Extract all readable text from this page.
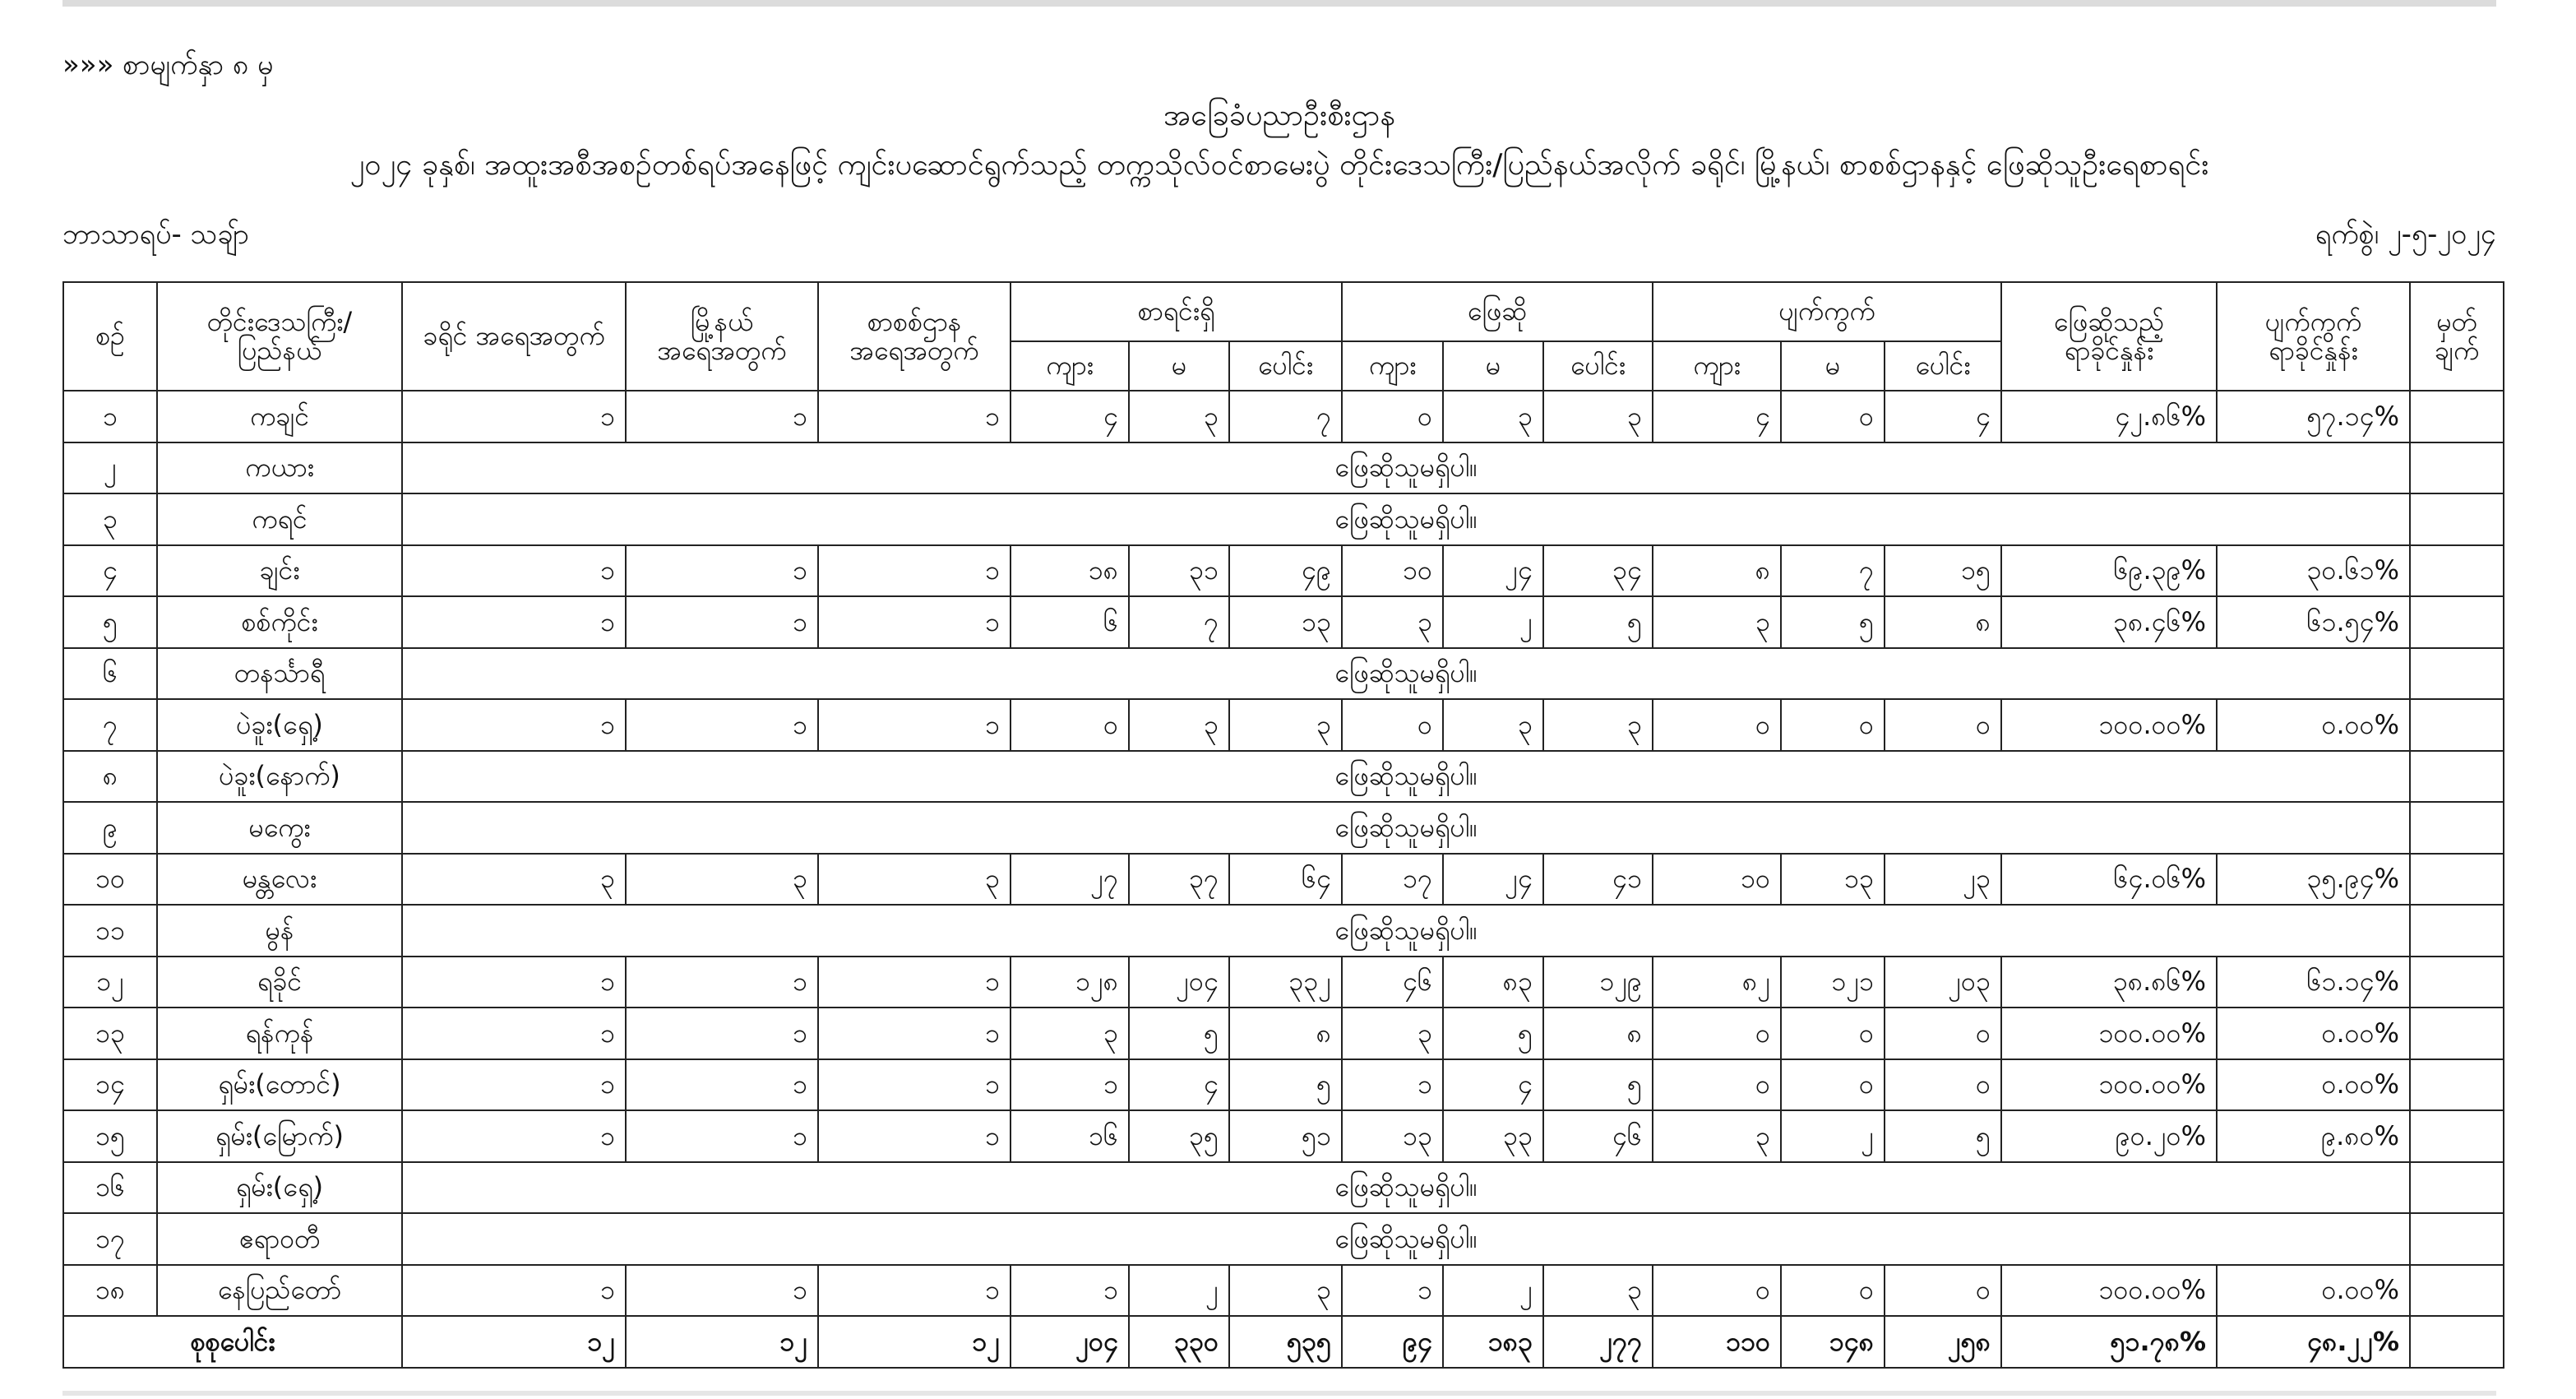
»»» စာမျက်နှာ ၈ မှ
အခြေခံပညာဦးစီးဌာန
၂၀၂၄ ခုနှစ်၊ အထူးအစီအစဉ်တစ်ရပ်အနေဖြင့် ကျင်းပဆောင်ရွက်သည့် တက္ကသိုလ်ဝင်စာမေးပွဲ တိုင်းဒေသကြီး/ပြည်နယ်အလိုက် ခရိုင်၊ မြို့နယ်၊ စာစစ်ဌာနနှင့် ဖြေဆိုသူဦးရေစာရင်း
ဘာသာရပ်- သချ်ာ	ရက်စွဲ၊ ၂-၅-၂၀၂၄
စဉ်	တိုင်းဒေသကြီး/ ပြည်နယ်	ခရိုင် အရေအတွက်	မြို့နယ် အရေအတွက်	စာစစ်ဌာန အရေအတွက်	စာရင်းရှိ			ဖြေဆို			ပျက်ကွက်			ဖြေဆိုသည့် ရာခိုင်နှုန်း	ပျက်ကွက် ရာခိုင်နှုန်း	မှတ် ချက်
					ကျား	မ	ပေါင်း	ကျား	မ	ပေါင်း	ကျား	မ	ပေါင်း			
၁	ကချင်	၁	၁	၁	၄	၃	၇	၀	၃	၃	၄	၀	၄	၄၂.၈၆%	၅၇.၁၄%	
၂	ကယား	ဖြေဆိုသူမရှိပါ။														
၃	ကရင်	ဖြေဆိုသူမရှိပါ။														
၄	ချင်း	၁	၁	၁	၁၈	၃၁	၄၉	၁၀	၂၄	၃၄	၈	၇	၁၅	၆၉.၃၉%	၃၀.၆၁%	
၅	စစ်ကိုင်း	၁	၁	၁	၆	၇	၁၃	၃	၂	၅	၃	၅	၈	၃၈.၄၆%	၆၁.၅၄%	
၆	တနင်္သာရီ	ဖြေဆိုသူမရှိပါ။														
၇	ပဲခူး(ရှေ့)	၁	၁	၁	၀	၃	၃	၀	၃	၃	၀	၀	၀	၁၀၀.၀၀%	၀.၀၀%	
၈	ပဲခူး(နောက်)	ဖြေဆိုသူမရှိပါ။														
၉	မကွေး	ဖြေဆိုသူမရှိပါ။														
၁၀	မန္တလေး	၃	၃	၃	၂၇	၃၇	၆၄	၁၇	၂၄	၄၁	၁၀	၁၃	၂၃	၆၄.၀၆%	၃၅.၉၄%	
၁၁	မွန်	ဖြေဆိုသူမရှိပါ။														
၁၂	ရခိုင်	၁	၁	၁	၁၂၈	၂၀၄	၃၃၂	၄၆	၈၃	၁၂၉	၈၂	၁၂၁	၂၀၃	၃၈.၈၆%	၆၁.၁၄%	
၁၃	ရန်ကုန်	၁	၁	၁	၃	၅	၈	၃	၅	၈	၀	၀	၀	၁၀၀.၀၀%	၀.၀၀%	
၁၄	ရှမ်း(တောင်)	၁	၁	၁	၁	၄	၅	၁	၄	၅	၀	၀	၀	၁၀၀.၀၀%	၀.၀၀%	
၁၅	ရှမ်း(မြောက်)	၁	၁	၁	၁၆	၃၅	၅၁	၁၃	၃၃	၄၆	၃	၂	၅	၉၀.၂၀%	၉.၈၀%	
၁၆	ရှမ်း(ရှေ့)	ဖြေဆိုသူမရှိပါ။														
၁၇	ဧရာဝတီ	ဖြေဆိုသူမရှိပါ။														
၁၈	နေပြည်တော်	၁	၁	၁	၁	၂	၃	၁	၂	၃	၀	၀	၀	၁၀၀.၀၀%	၀.၀၀%	
စုစုပေါင်း		၁၂	၁၂	၁၂	၂၀၄	၃၃၀	၅၃၅	၉၄	၁၈၃	၂၇၇	၁၁၀	၁၄၈	၂၅၈	၅၁.၇၈%	၄၈.၂၂%	
